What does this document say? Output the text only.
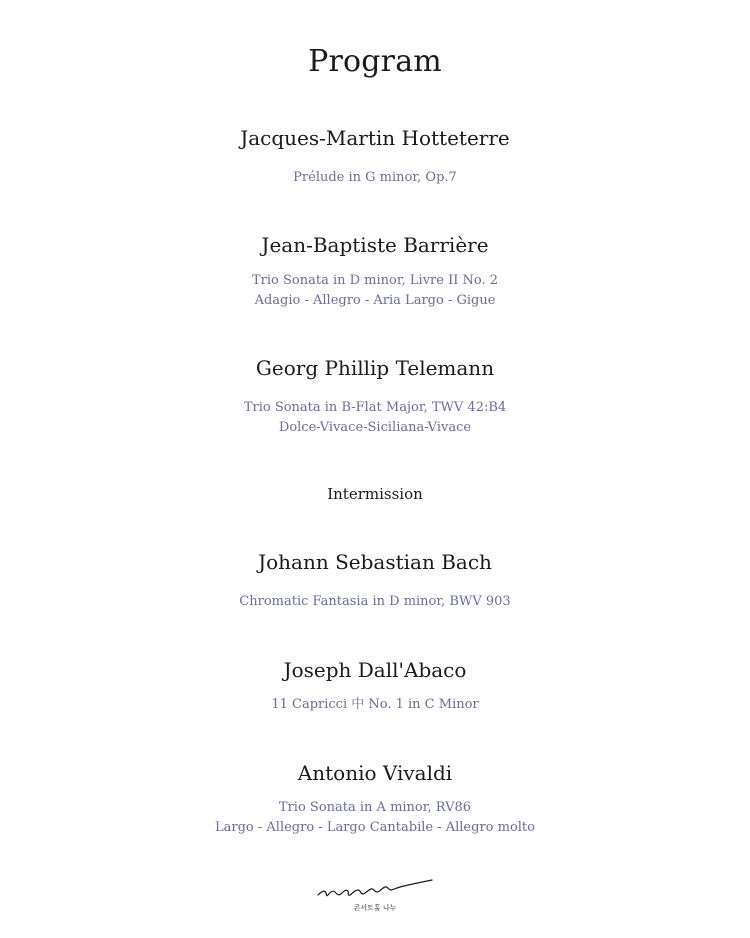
Program
Jacques-Martin Hotteterre
Prélude in G minor, Op.7
Jean-Baptiste Barrière
Trio Sonata in D minor, Livre II No. 2
Adagio - Allegro - Aria Largo - Gigue
Georg Phillip Telemann
Trio Sonata in B-Flat Major, TWV 42:B4
Dolce-Vivace-Siciliana-Vivace
Intermission
Johann Sebastian Bach
Chromatic Fantasia in D minor, BWV 903
Joseph Dall'Abaco
11 Capricci 中 No. 1 in C Minor
Antonio Vivaldi
Trio Sonata in A minor, RV86
Largo - Allegro - Largo Cantabile - Allegro molto
콘서트홀 나누
